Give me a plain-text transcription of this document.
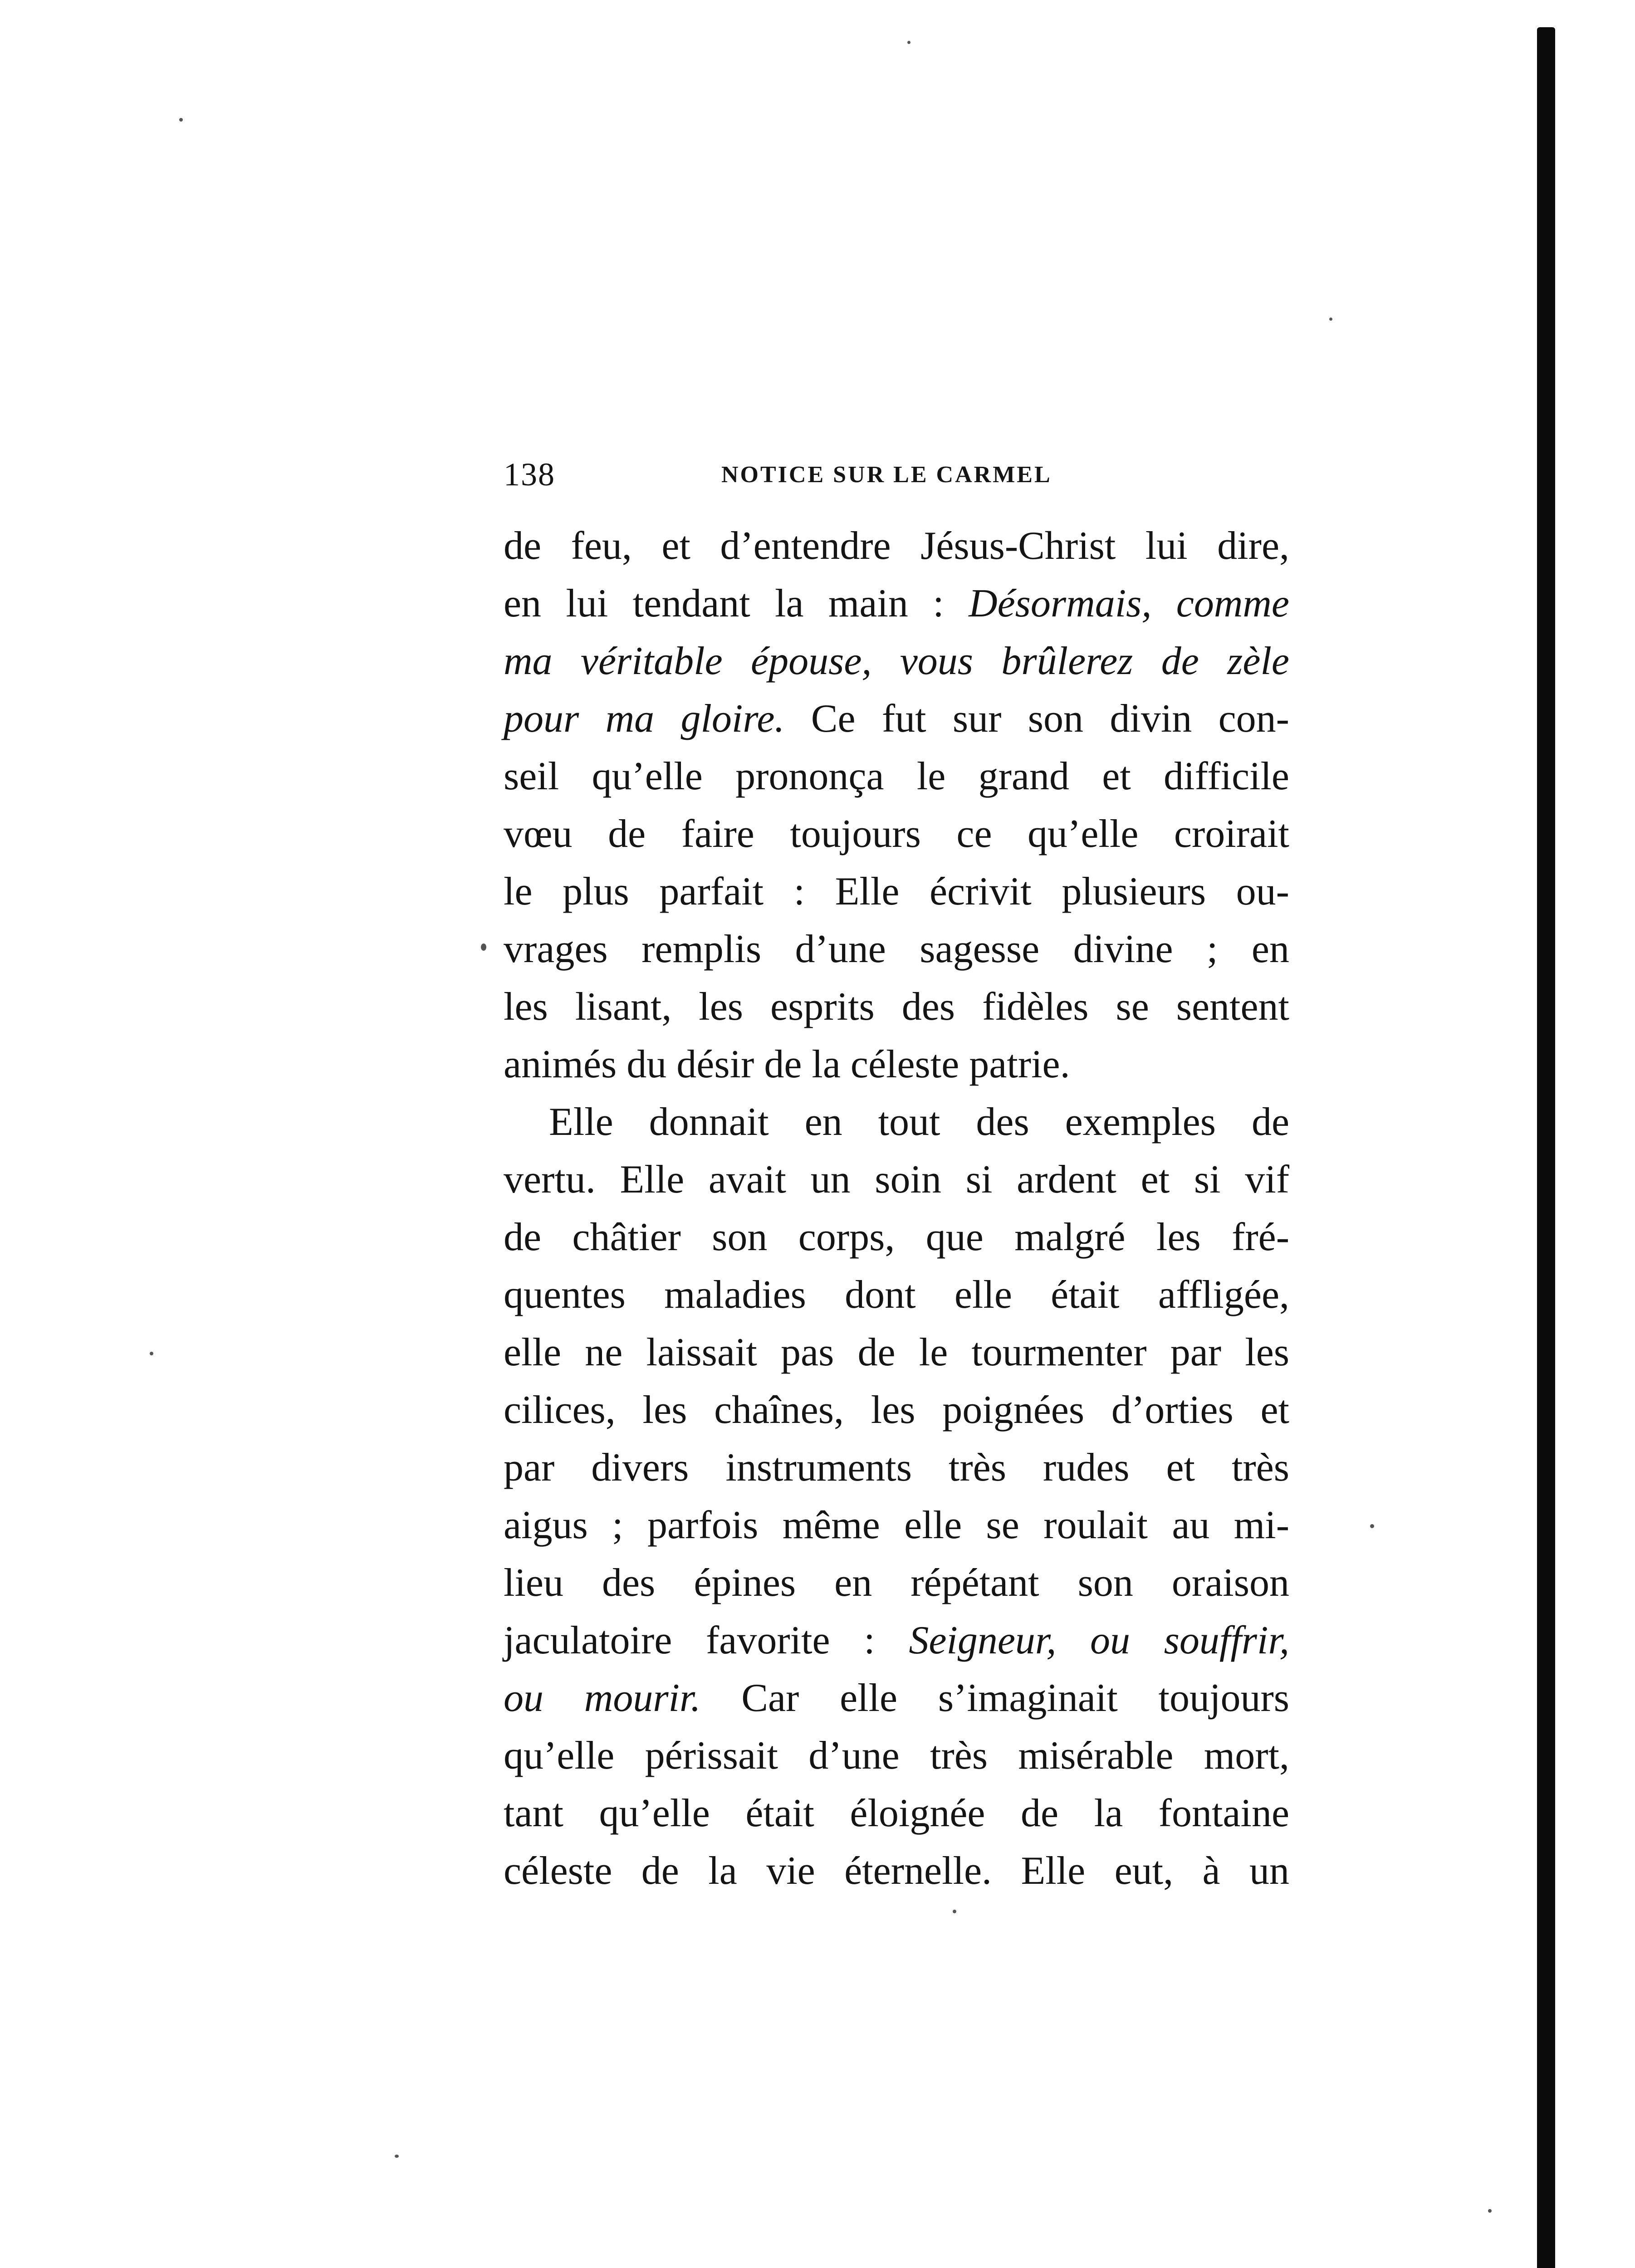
138	NOTICE SUR LE CARMEL
de feu, et d’entendre Jésus-Christ lui dire,
en lui tendant la main : Désormais, comme
ma véritable épouse, vous brûlerez de zèle
pour ma gloire. Ce fut sur son divin con-
seil qu’elle prononça le grand et difficile
vœu de faire toujours ce qu’elle croirait
le plus parfait : Elle écrivit plusieurs ou-
vrages remplis d’une sagesse divine ; en
les lisant, les esprits des fidèles se sentent
animés du désir de la céleste patrie.
Elle donnait en tout des exemples de
vertu. Elle avait un soin si ardent et si vif
de châtier son corps, que malgré les fré-
quentes maladies dont elle était affligée,
elle ne laissait pas de le tourmenter par les
cilices, les chaînes, les poignées d’orties et
par divers instruments très rudes et très
aigus ; parfois même elle se roulait au mi-
lieu des épines en répétant son oraison
jaculatoire favorite : Seigneur, ou souffrir,
ou mourir. Car elle s’imaginait toujours
qu’elle périssait d’une très misérable mort,
tant qu’elle était éloignée de la fontaine
céleste de la vie éternelle. Elle eut, à un
